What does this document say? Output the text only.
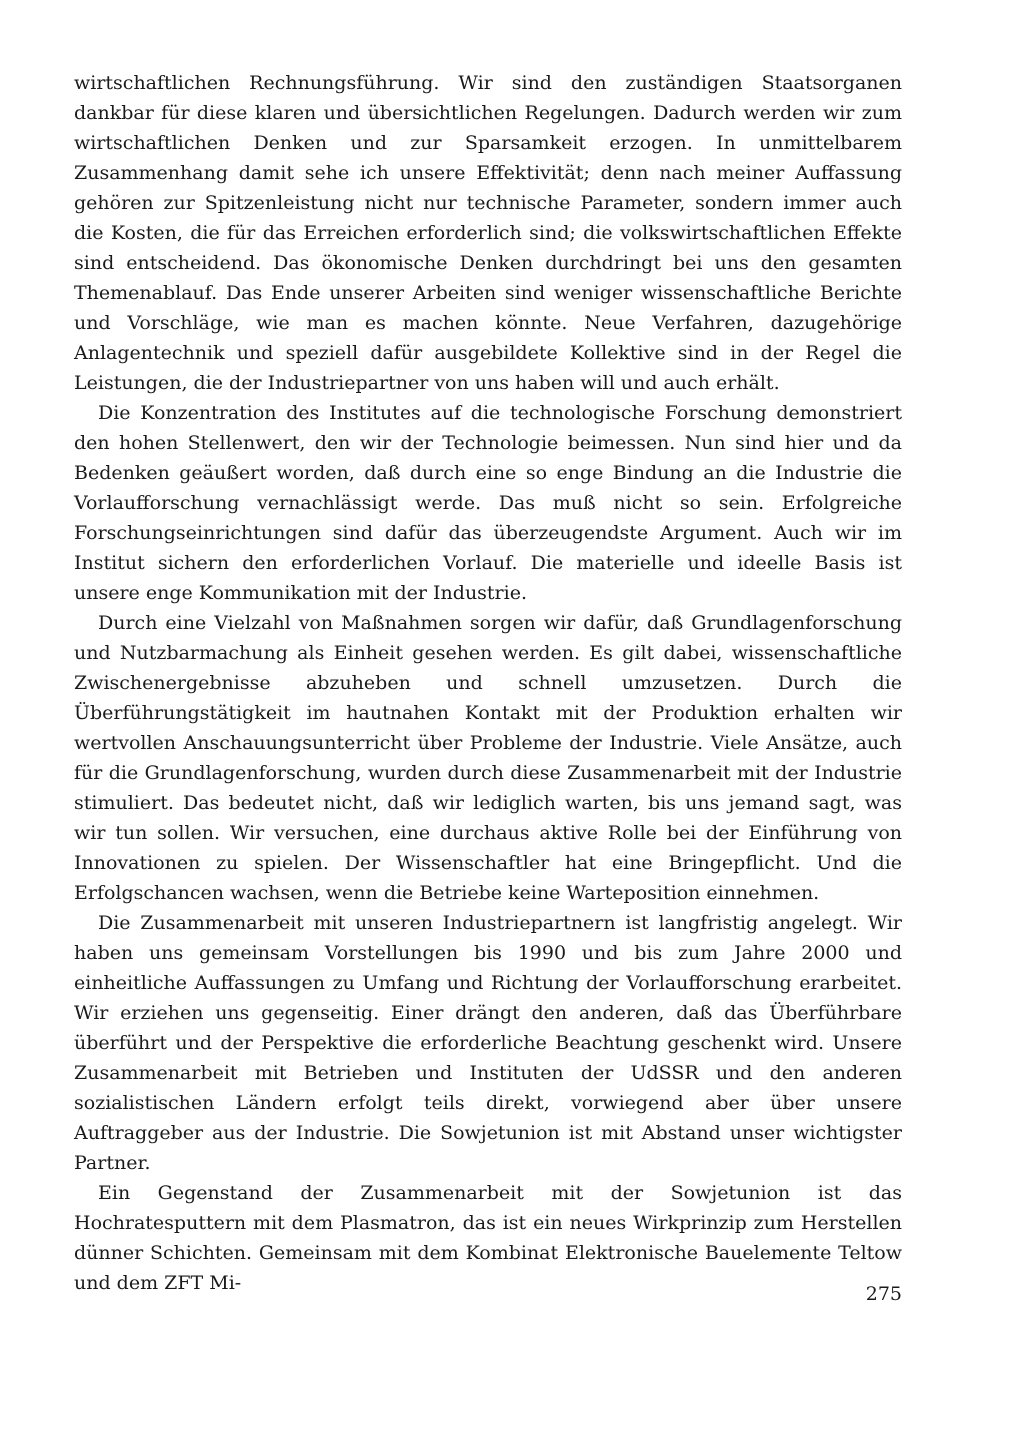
wirtschaftlichen Rechnungsführung. Wir sind den zuständigen Staatsorganen dankbar für diese klaren und übersichtlichen Regelungen. Dadurch werden wir zum wirtschaftlichen Denken und zur Sparsamkeit erzogen. In unmittelbarem Zusammenhang damit sehe ich unsere Effektivität; denn nach meiner Auffassung gehören zur Spitzenleistung nicht nur technische Parameter, sondern immer auch die Kosten, die für das Erreichen erforderlich sind; die volkswirtschaftlichen Effekte sind entscheidend. Das ökonomische Denken durchdringt bei uns den gesamten Themenablauf. Das Ende unserer Arbeiten sind weniger wissenschaftliche Berichte und Vorschläge, wie man es machen könnte. Neue Verfahren, dazugehörige Anlagentechnik und speziell dafür ausgebildete Kollektive sind in der Regel die Leistungen, die der Industriepartner von uns haben will und auch erhält.

Die Konzentration des Institutes auf die technologische Forschung demonstriert den hohen Stellenwert, den wir der Technologie beimessen. Nun sind hier und da Bedenken geäußert worden, daß durch eine so enge Bindung an die Industrie die Vorlaufforschung vernachlässigt werde. Das muß nicht so sein. Erfolgreiche Forschungseinrichtungen sind dafür das überzeugendste Argument. Auch wir im Institut sichern den erforderlichen Vorlauf. Die materielle und ideelle Basis ist unsere enge Kommunikation mit der Industrie.

Durch eine Vielzahl von Maßnahmen sorgen wir dafür, daß Grundlagenforschung und Nutzbarmachung als Einheit gesehen werden. Es gilt dabei, wissenschaftliche Zwischenergebnisse abzuheben und schnell umzusetzen. Durch die Überführungstätigkeit im hautnahen Kontakt mit der Produktion erhalten wir wertvollen Anschauungsunterricht über Probleme der Industrie. Viele Ansätze, auch für die Grundlagenforschung, wurden durch diese Zusammenarbeit mit der Industrie stimuliert. Das bedeutet nicht, daß wir lediglich warten, bis uns jemand sagt, was wir tun sollen. Wir versuchen, eine durchaus aktive Rolle bei der Einführung von Innovationen zu spielen. Der Wissenschaftler hat eine Bringepflicht. Und die Erfolgschancen wachsen, wenn die Betriebe keine Warteposition einnehmen.

Die Zusammenarbeit mit unseren Industriepartnern ist langfristig angelegt. Wir haben uns gemeinsam Vorstellungen bis 1990 und bis zum Jahre 2000 und einheitliche Auffassungen zu Umfang und Richtung der Vorlaufforschung erarbeitet. Wir erziehen uns gegenseitig. Einer drängt den anderen, daß das Überführbare überführt und der Perspektive die erforderliche Beachtung geschenkt wird. Unsere Zusammenarbeit mit Betrieben und Instituten der UdSSR und den anderen sozialistischen Ländern erfolgt teils direkt, vorwiegend aber über unsere Auftraggeber aus der Industrie. Die Sowjetunion ist mit Abstand unser wichtigster Partner.

Ein Gegenstand der Zusammenarbeit mit der Sowjetunion ist das Hochratesputtern mit dem Plasmatron, das ist ein neues Wirkprinzip zum Herstellen dünner Schichten. Gemeinsam mit dem Kombinat Elektronische Bauelemente Teltow und dem ZFT Mi-	275
